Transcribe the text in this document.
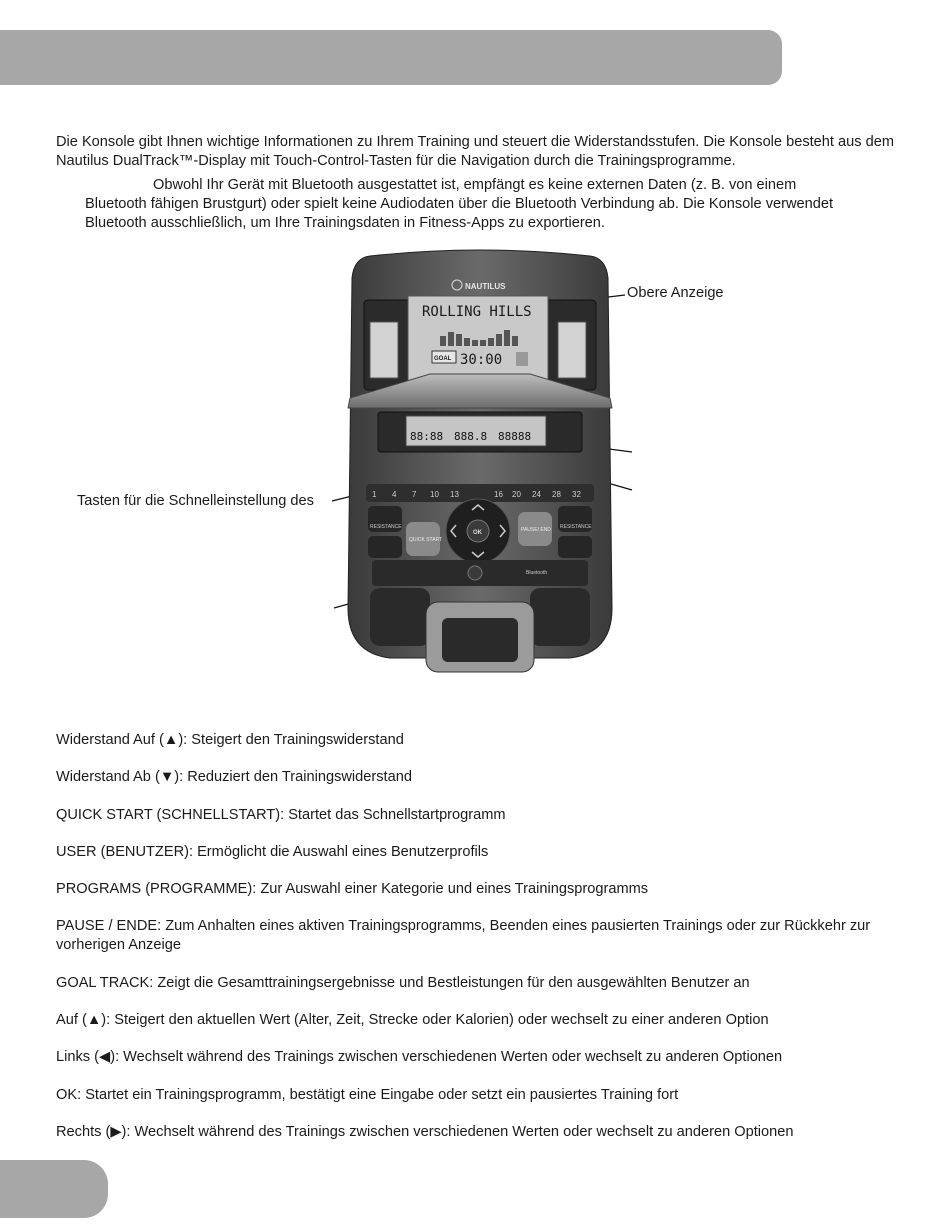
Die Konsole gibt Ihnen wichtige Informationen zu Ihrem Training und steuert die Widerstandsstufen. Die Konsole besteht aus dem Nautilus DualTrack™-Display mit Touch-Control-Tasten für die Navigation durch die Trainingsprogramme.
Obwohl Ihr Gerät mit Bluetooth ausgestattet ist, empfängt es keine externen Daten (z. B. von einem
Bluetooth fähigen Brustgurt) oder spielt keine Audiodaten über die Bluetooth Verbindung ab. Die Konsole verwendet
Bluetooth ausschließlich, um Ihre Trainingsdaten in Fitness-Apps zu exportieren.
Obere Anzeige
Tasten für die Schnelleinstellung des
NAUTILUS
ROLLING HILLS
GOAL 30:00
88:88 888.8 88888
1 4 7 10 13	16 20 24 28 32
RESISTANCE	RESISTANCE
QUICK START
PAUSE/ END
OK
Bluetooth

Widerstand Auf (▲): Steigert den Trainingswiderstand

Widerstand Ab (▼): Reduziert den Trainingswiderstand

QUICK START (SCHNELLSTART): Startet das Schnellstartprogramm

USER (BENUTZER): Ermöglicht die Auswahl eines Benutzerprofils

PROGRAMS (PROGRAMME): Zur Auswahl einer Kategorie und eines Trainingsprogramms

PAUSE / ENDE: Zum Anhalten eines aktiven Trainingsprogramms, Beenden eines pausierten Trainings oder zur Rückkehr zur vorherigen Anzeige

GOAL TRACK: Zeigt die Gesamttrainingsergebnisse und Bestleistungen für den ausgewählten Benutzer an

Auf (▲): Steigert den aktuellen Wert (Alter, Zeit, Strecke oder Kalorien) oder wechselt zu einer anderen Option

Links (◀): Wechselt während des Trainings zwischen verschiedenen Werten oder wechselt zu anderen Optionen

OK: Startet ein Trainingsprogramm, bestätigt eine Eingabe oder setzt ein pausiertes Training fort

Rechts (▶): Wechselt während des Trainings zwischen verschiedenen Werten oder wechselt zu anderen Optionen
